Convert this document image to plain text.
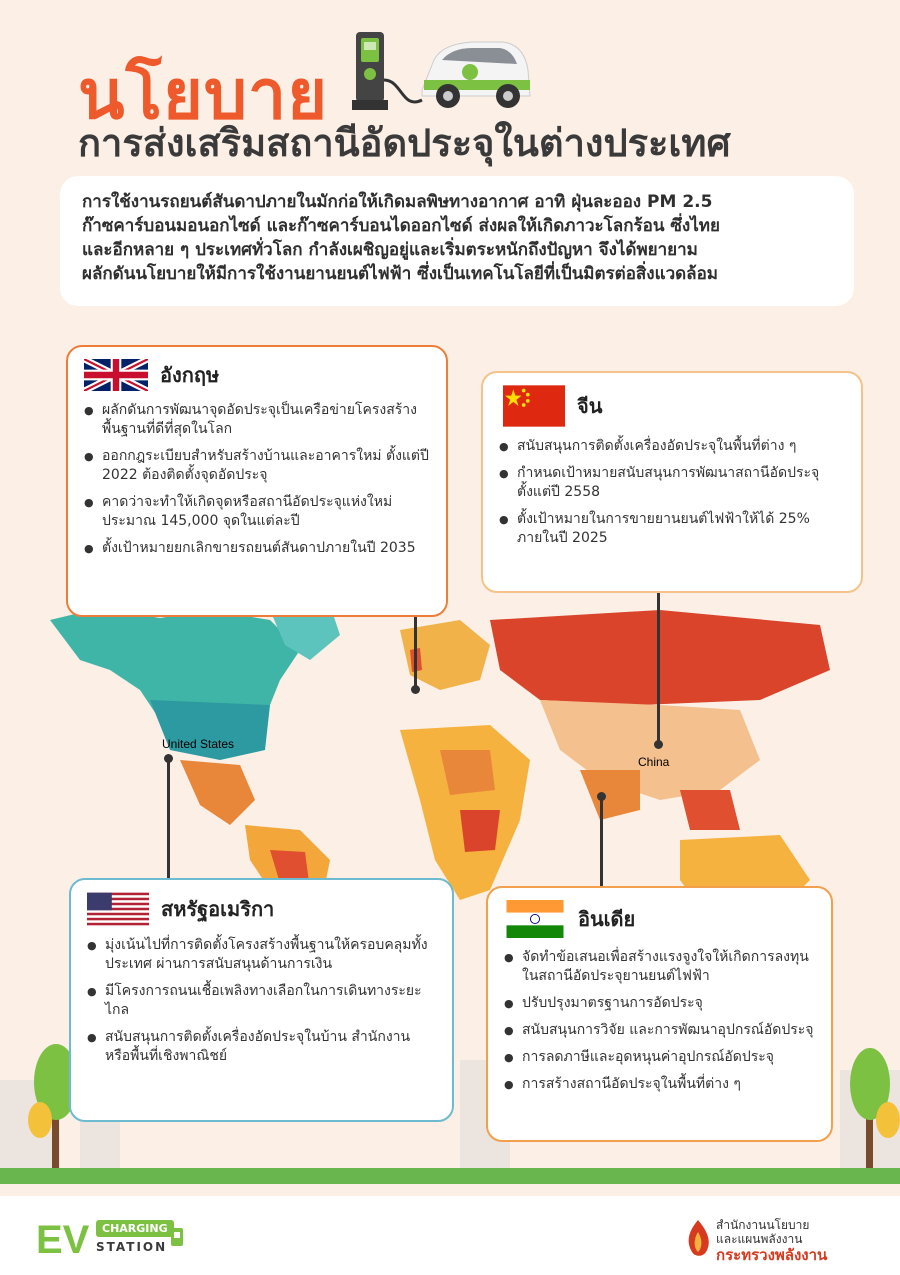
นโยบาย
การส่งเสริมสถานีอัดประจุในต่างประเทศ
การใช้งานรถยนต์สันดาปภายในมักก่อให้เกิดมลพิษทางอากาศ อาทิ ฝุ่นละออง PM 2.5
ก๊าซคาร์บอนมอนอกไซด์ และก๊าซคาร์บอนไดออกไซด์ ส่งผลให้เกิดภาวะโลกร้อน ซึ่งไทย
และอีกหลาย ๆ ประเทศทั่วโลก กำลังเผชิญอยู่และเริ่มตระหนักถึงปัญหา จึงได้พยายาม
ผลักดันนโยบายให้มีการใช้งานยานยนต์ไฟฟ้า ซึ่งเป็นเทคโนโลยีที่เป็นมิตรต่อสิ่งแวดล้อม
United States
China
อังกฤษ
● ผลักดันการพัฒนาจุดอัดประจุเป็นเครือข่ายโครงสร้างพื้นฐานที่ดีที่สุดในโลก
● ออกกฎระเบียบสำหรับสร้างบ้านและอาคารใหม่ ตั้งแต่ปี 2022 ต้องติดตั้งจุดอัดประจุ
● คาดว่าจะทำให้เกิดจุดหรือสถานีอัดประจุแห่งใหม่ประมาณ 145,000 จุดในแต่ละปี
● ตั้งเป้าหมายยกเลิกขายรถยนต์สันดาปภายในปี 2035
จีน
● สนับสนุนการติดตั้งเครื่องอัดประจุในพื้นที่ต่าง ๆ
● กำหนดเป้าหมายสนับสนุนการพัฒนาสถานีอัดประจุ ตั้งแต่ปี 2558
● ตั้งเป้าหมายในการขายยานยนต์ไฟฟ้าให้ได้ 25% ภายในปี 2025
สหรัฐอเมริกา
● มุ่งเน้นไปที่การติดตั้งโครงสร้างพื้นฐานให้ครอบคลุมทั้งประเทศ ผ่านการสนับสนุนด้านการเงิน
● มีโครงการถนนเชื้อเพลิงทางเลือกในการเดินทางระยะไกล
● สนับสนุนการติดตั้งเครื่องอัดประจุในบ้าน สำนักงาน หรือพื้นที่เชิงพาณิชย์
อินเดีย
● จัดทำข้อเสนอเพื่อสร้างแรงจูงใจให้เกิดการลงทุนในสถานีอัดประจุยานยนต์ไฟฟ้า
● ปรับปรุงมาตรฐานการอัดประจุ
● สนับสนุนการวิจัย และการพัฒนาอุปกรณ์อัดประจุ
● การลดภาษีและอุดหนุนค่าอุปกรณ์อัดประจุ
● การสร้างสถานีอัดประจุในพื้นที่ต่าง ๆ
EV	CHARGING
STATION
สำนักงานนโยบาย
และแผนพลังงาน
กระทรวงพลังงาน
